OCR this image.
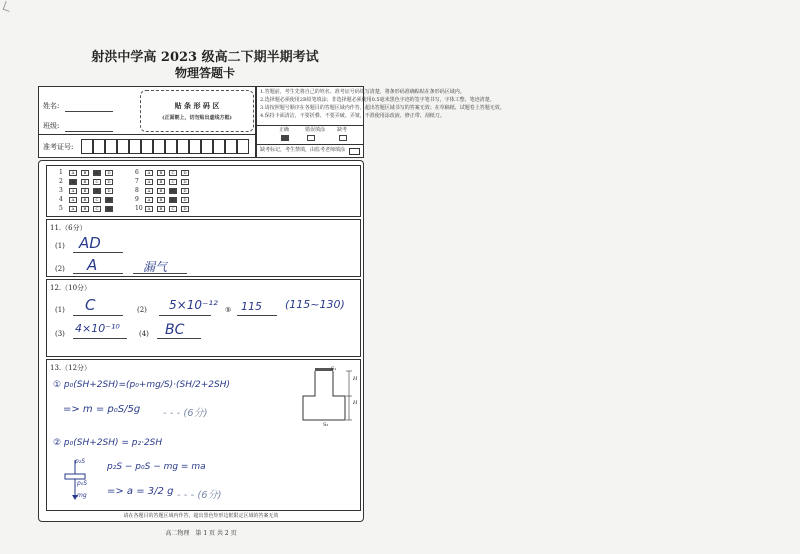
射洪中学高 2023 级高二下期半期考试
物理答题卡
姓名:
班级:
准考证号:
贴 条 形 码 区
(正面朝上，切勿贴出虚线方框)
1.答题前，考生先将自己的姓名、准考证号码填写清楚，将条形码准确粘贴在条形码区域内。
2.选择题必须使用2B铅笔填涂；非选择题必须使用0.5毫米黑色字迹的签字笔书写，字体工整、笔迹清楚。
3.请按照题号顺序在各题目的答题区域内作答，超出答题区域书写的答案无效；在草稿纸、试题卷上答题无效。
4.保持卡面清洁，不要折叠、不要弄破、弄皱，不准使用涂改液、修正带、刮纸刀。
正确	错误填涂 缺考
缺考标记，考生禁填，由监考老师填涂
1	A	B	C	D	6	A	B	C	D
2	A	B	C	D	7	A	B	C	D
3	A	B	C	D	8	A	B	C	D
4	A	B	C	D	9	A	B	C	D
5	A	B	C	D	10	A	B	C	D
11.（6分）
(1) AD
(2) A	漏气
12.（10分）
(1) C	(2) 5×10⁻¹² ⑤ 115 (115~130)
(3) 4×10⁻¹⁰	(4) BC
13.（12分）
① p₀(SH+2SH)=(p₀+mg/S)·(SH/2+2SH)
=> m = p₀S/5g - - - (6分)
② p₀(SH+2SH) = p₂·2SH
p₂S − p₀S − mg = ma
=> a = 3/2 g - - - (6分)
p₂S
p₀S
mg
S₁
H
H
S₂
请在各题目的答题区域内作答，超出黑色矩形边框限定区域的答案无效
高二物理　第 1 页 共 2 页
